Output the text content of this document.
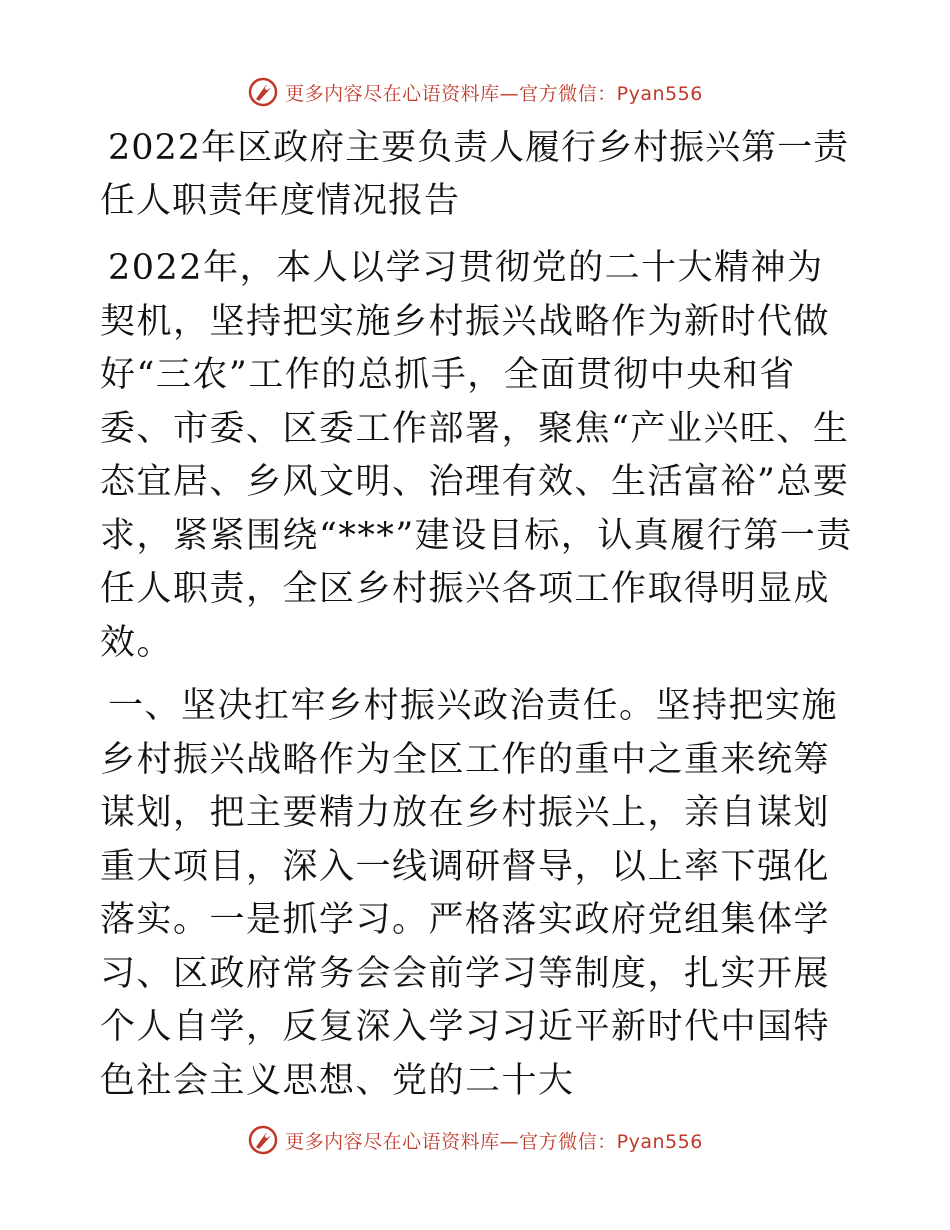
更多内容尽在心语资料库—官方微信：Pyan556
2022年区政府主要负责人履行乡村振兴第一责任人职责年度情况报告

2022年，本人以学习贯彻党的二十大精神为契机，坚持把实施乡村振兴战略作为新时代做好“三农”工作的总抓手，全面贯彻中央和省委、市委、区委工作部署，聚焦“产业兴旺、生态宜居、乡风文明、治理有效、生活富裕”总要求，紧紧围绕“***”建设目标，认真履行第一责任人职责，全区乡村振兴各项工作取得明显成效。

一、坚决扛牢乡村振兴政治责任。坚持把实施乡村振兴战略作为全区工作的重中之重来统筹谋划，把主要精力放在乡村振兴上，亲自谋划重大项目，深入一线调研督导，以上率下强化落实。一是抓学习。严格落实政府党组集体学习、区政府常务会会前学习等制度，扎实开展个人自学，反复深入学习习近平新时代中国特色社会主义思想、党的二十大

更多内容尽在心语资料库—官方微信：Pyan556
